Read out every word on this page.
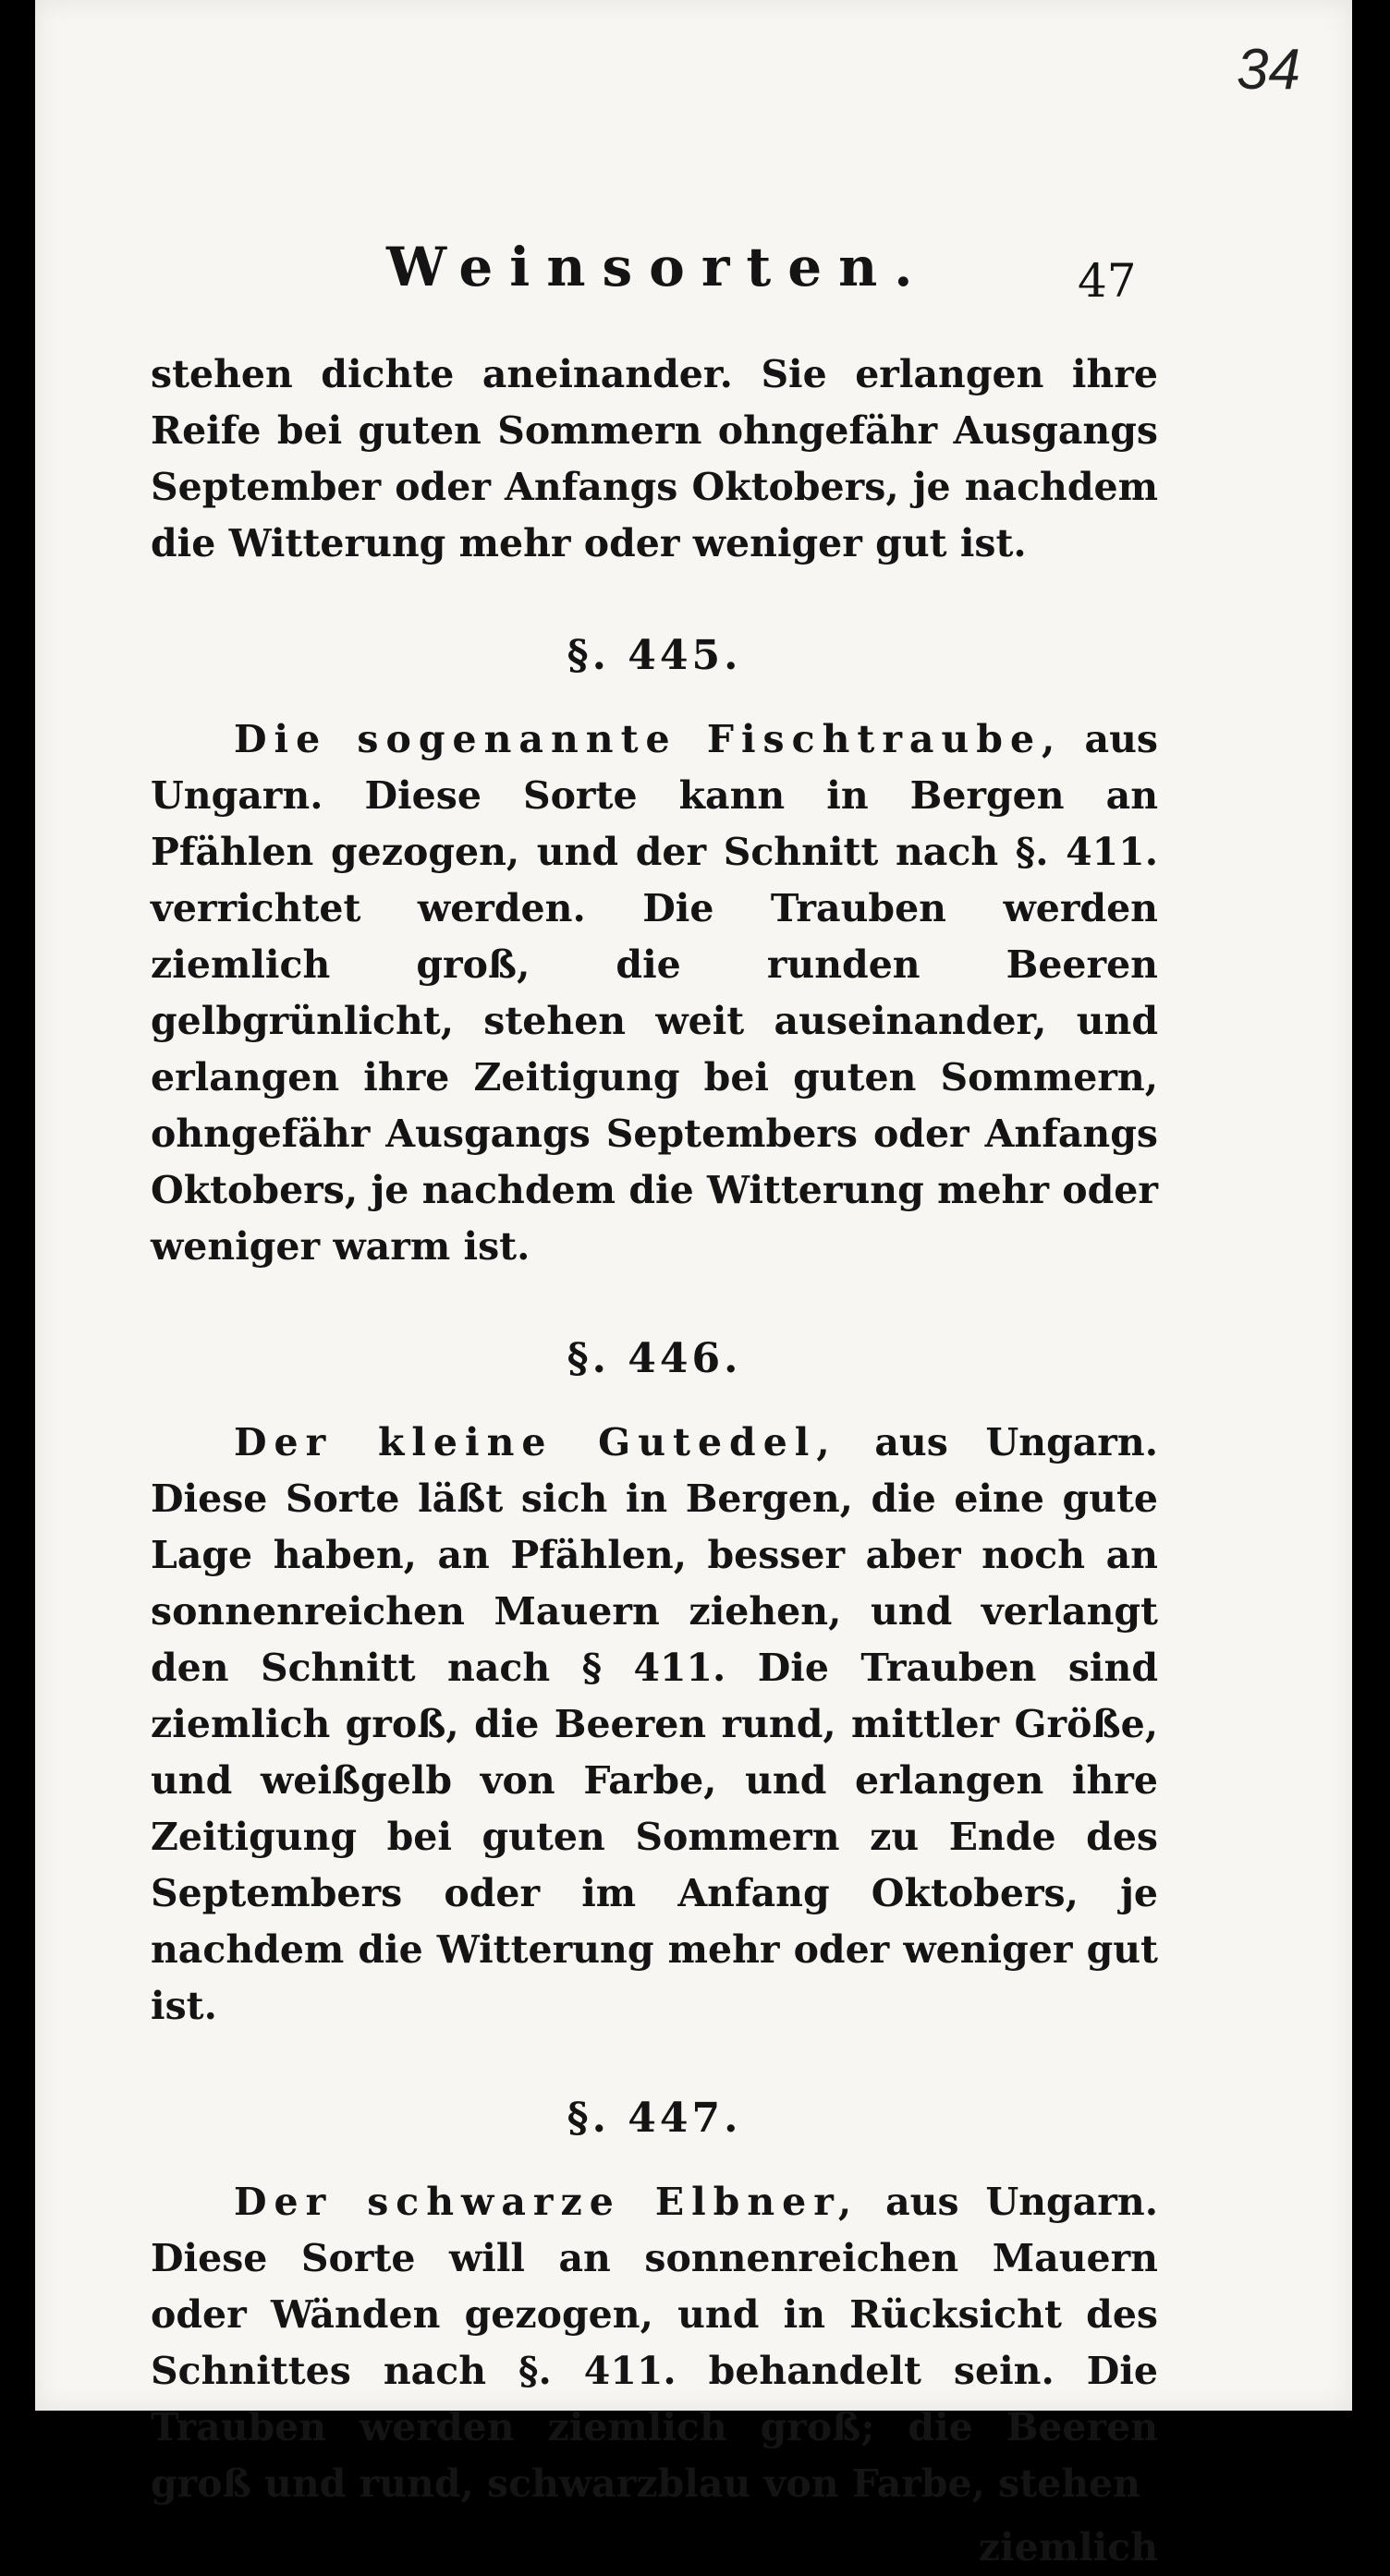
34
Weinsorten.	47

stehen dichte aneinander. Sie erlangen ihre Reife bei guten Sommern ohngefähr Ausgangs September oder Anfangs Oktobers, je nachdem die Witterung mehr oder weniger gut ist.

§. 445.

Die sogenannte Fischtraube, aus Ungarn. Diese Sorte kann in Bergen an Pfählen gezogen, und der Schnitt nach §. 411. verrichtet werden. Die Trauben werden ziemlich groß, die runden Beeren gelbgrünlicht, stehen weit auseinander, und erlangen ihre Zeitigung bei guten Sommern, ohngefähr Ausgangs Septembers oder Anfangs Oktobers, je nachdem die Witterung mehr oder weniger warm ist.

§. 446.

Der kleine Gutedel, aus Ungarn. Diese Sorte läßt sich in Bergen, die eine gute Lage haben, an Pfählen, besser aber noch an sonnenreichen Mauern ziehen, und verlangt den Schnitt nach § 411. Die Trauben sind ziemlich groß, die Beeren rund, mittler Größe, und weißgelb von Farbe, und erlangen ihre Zeitigung bei guten Sommern zu Ende des Septembers oder im Anfang Oktobers, je nachdem die Witterung mehr oder weniger gut ist.

§. 447.

Der schwarze Elbner, aus Ungarn. Diese Sorte will an sonnenreichen Mauern oder Wänden gezogen, und in Rücksicht des Schnittes nach §. 411. behandelt sein. Die Trauben werden ziemlich groß; die Beeren groß und rund, schwarzblau von Farbe, stehen

ziemlich
